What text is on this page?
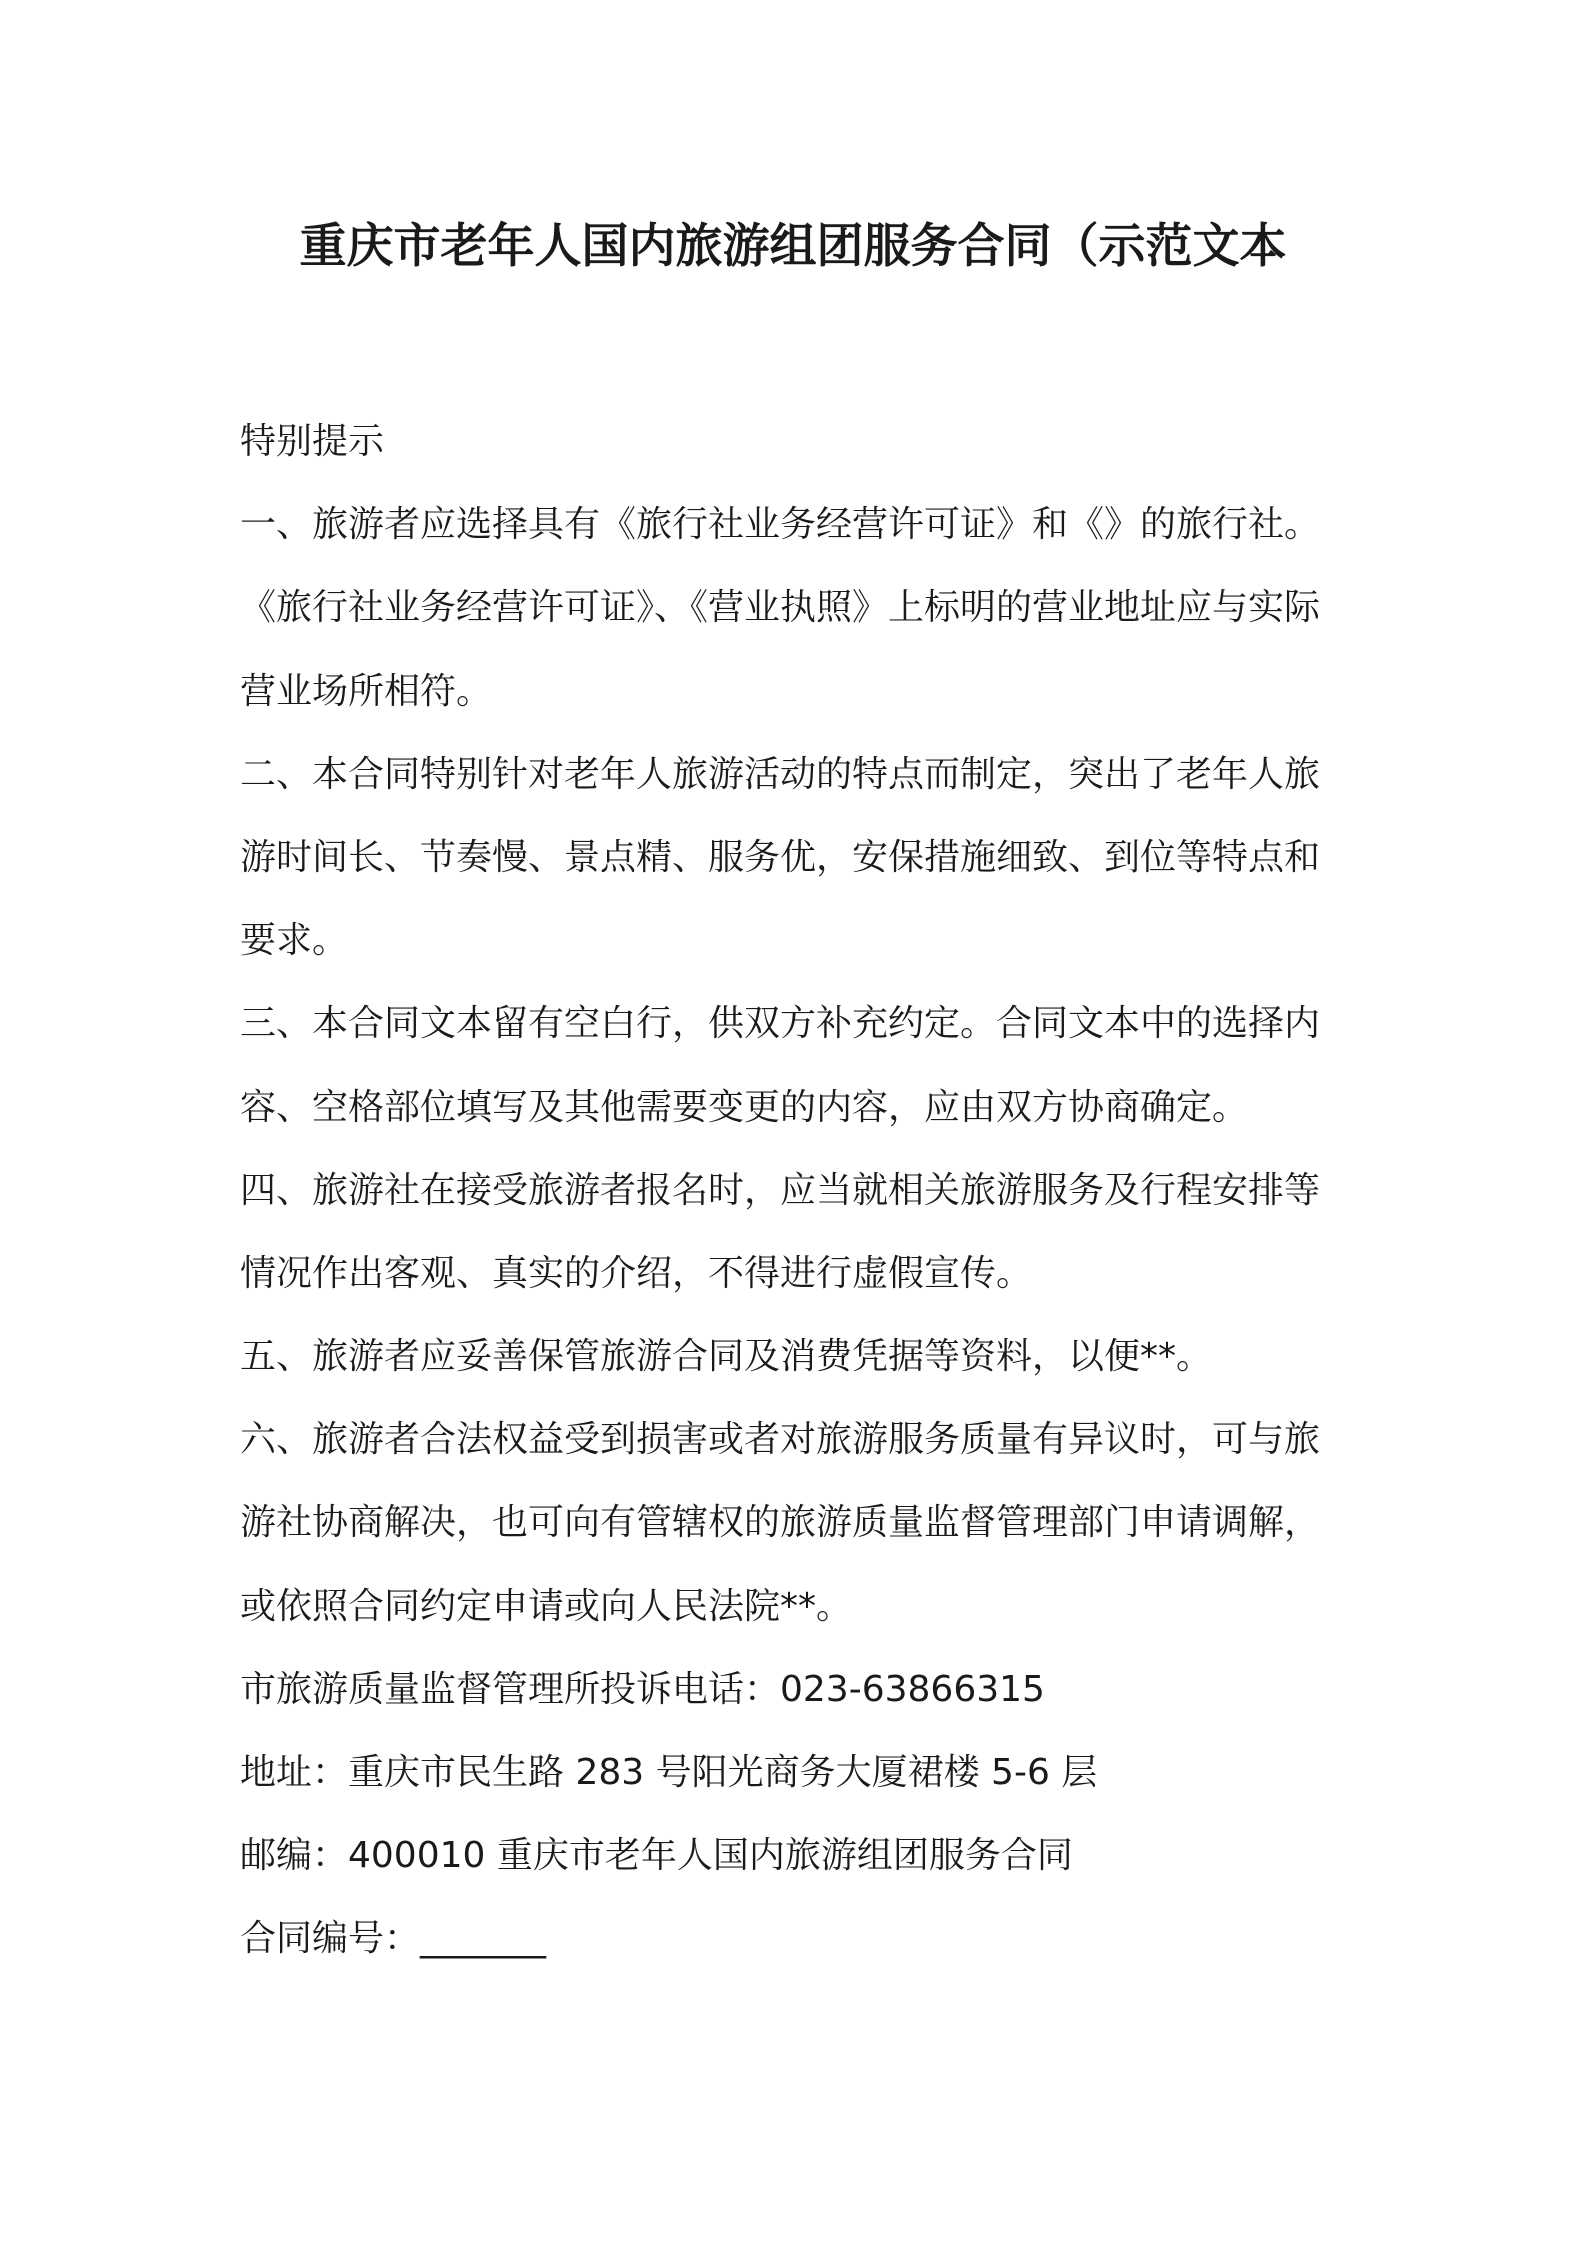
重庆市老年人国内旅游组团服务合同（示范文本
特别提示
一、旅游者应选择具有《旅行社业务经营许可证》和《》的旅行社。
《旅行社业务经营许可证》、《营业执照》上标明的营业地址应与实际
营业场所相符。
二、本合同特别针对老年人旅游活动的特点而制定，突出了老年人旅
游时间长、节奏慢、景点精、服务优，安保措施细致、到位等特点和
要求。
三、本合同文本留有空白行，供双方补充约定。合同文本中的选择内
容、空格部位填写及其他需要变更的内容，应由双方协商确定。
四、旅游社在接受旅游者报名时，应当就相关旅游服务及行程安排等
情况作出客观、真实的介绍，不得进行虚假宣传。
五、旅游者应妥善保管旅游合同及消费凭据等资料，以便**。
六、旅游者合法权益受到损害或者对旅游服务质量有异议时，可与旅
游社协商解决，也可向有管辖权的旅游质量监督管理部门申请调解，
或依照合同约定申请或向人民法院**。
市旅游质量监督管理所投诉电话：023-63866315
地址：重庆市民生路 283 号阳光商务大厦裙楼 5-6 层
邮编：400010 重庆市老年人国内旅游组团服务合同
合同编号：_______
